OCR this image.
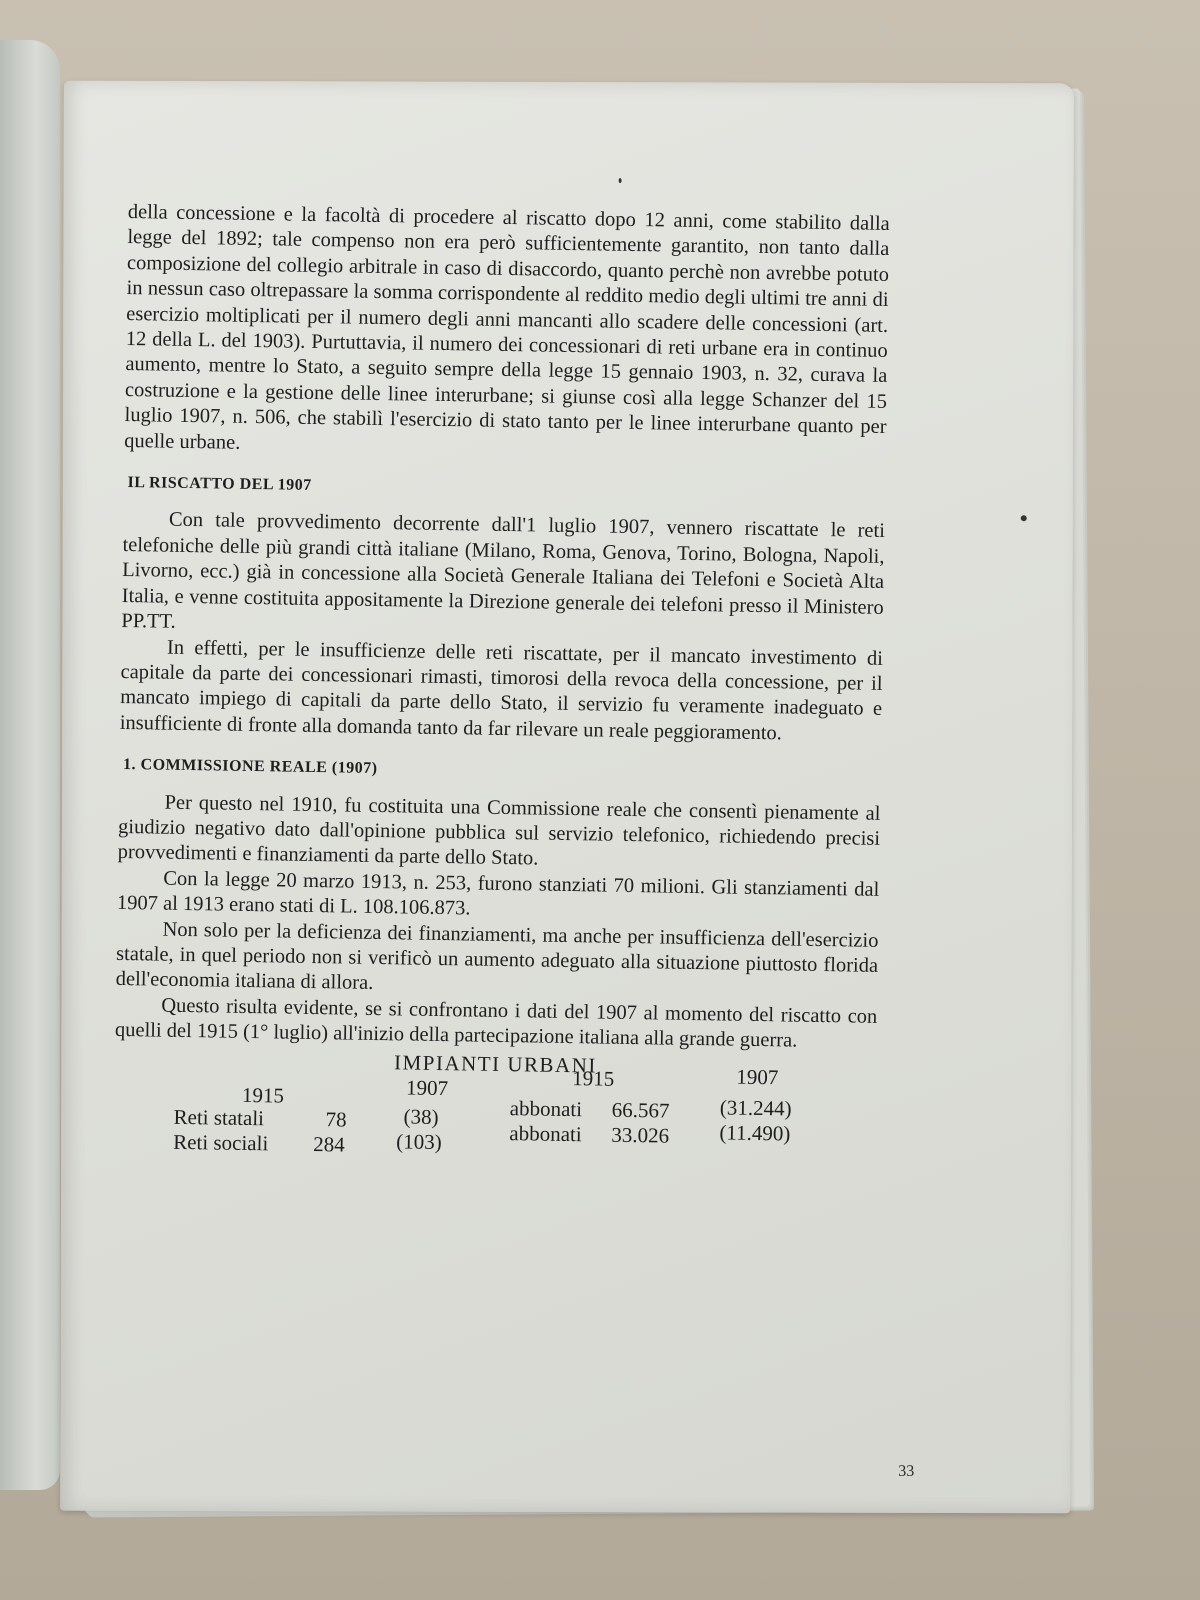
33

della concessione e la facoltà di procedere al riscatto dopo 12 anni, come stabilito dalla legge del 1892; tale compenso non era però sufficientemente garantito, non tanto dalla composizione del collegio arbitrale in caso di disaccordo, quanto perchè non avrebbe potuto in nessun caso oltrepassare la somma corrispondente al reddito medio degli ultimi tre anni di esercizio moltiplicati per il numero degli anni mancanti allo scadere delle concessioni (art. 12 della L. del 1903). Purtuttavia, il numero dei concessionari di reti urbane era in continuo aumento, mentre lo Stato, a seguito sempre della legge 15 gennaio 1903, n. 32, curava la costruzione e la gestione delle linee interurbane; si giunse così alla legge Schanzer del 15 luglio 1907, n. 506, che stabilì l'esercizio di stato tanto per le linee interurbane quanto per quelle urbane.

IL RISCATTO DEL 1907

Con tale provvedimento decorrente dall'1 luglio 1907, vennero riscattate le reti telefoniche delle più grandi città italiane (Milano, Roma, Genova, Torino, Bologna, Napoli, Livorno, ecc.) già in concessione alla Società Generale Italiana dei Telefoni e Società Alta Italia, e venne costituita appositamente la Direzione generale dei telefoni presso il Ministero PP.TT.

In effetti, per le insufficienze delle reti riscattate, per il mancato investimento di capitale da parte dei concessionari rimasti, timorosi della revoca della concessione, per il mancato impiego di capitali da parte dello Stato, il servizio fu veramente inadeguato e insufficiente di fronte alla domanda tanto da far rilevare un reale peggioramento.

1. COMMISSIONE REALE (1907)

Per questo nel 1910, fu costituita una Commissione reale che consentì pienamente al giudizio negativo dato dall'opinione pubblica sul servizio telefonico, richiedendo precisi provvedimenti e finanziamenti da parte dello Stato.

Con la legge 20 marzo 1913, n. 253, furono stanziati 70 milioni. Gli stanziamenti dal 1907 al 1913 erano stati di L. 108.106.873.

Non solo per la deficienza dei finanziamenti, ma anche per insufficienza dell'esercizio statale, in quel periodo non si verificò un aumento adeguato alla situazione piuttosto florida dell'economia italiana di allora.

Questo risulta evidente, se si confrontano i dati del 1907 al momento del riscatto con quelli del 1915 (1° luglio) all'inizio della partecipazione italiana alla grande guerra.

IMPIANTI URBANI
1915	1907	1915	1907
Reti statali	78	(38)	abbonati 66.567 (31.244)
Reti sociali 284 (103)	abbonati 33.026 (11.490)
